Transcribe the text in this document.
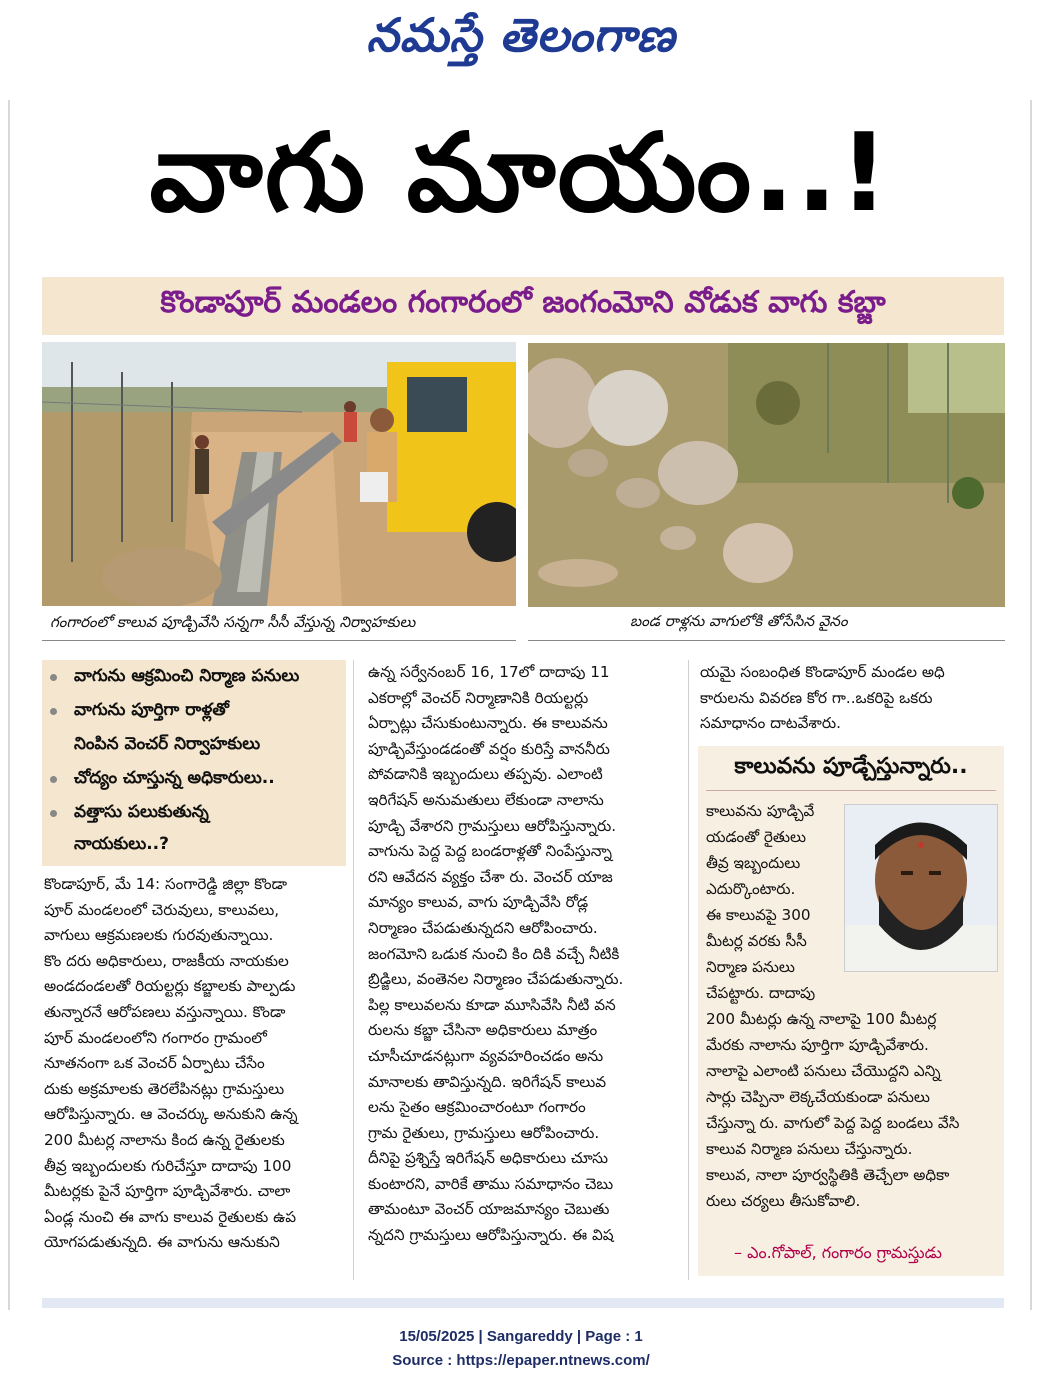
నమస్తే తెలంగాణ
వాగు మాయం..!
కొండాపూర్ మండలం గంగారంలో జంగంమోని వోడుక వాగు కబ్జా
గంగారంలో కాలువ పూడ్చివేసి సన్నగా సీసీ వేస్తున్న నిర్వాహకులు	బండ రాళ్లను వాగులోకి తోసేసిన వైనం
వాగును ఆక్రమించి నిర్మాణ పనులు
వాగును పూర్తిగా రాళ్లతో
నింపిన వెంచర్ నిర్వాహకులు
చోద్యం చూస్తున్న అధికారులు..
వత్తాసు పలుకుతున్న
నాయకులు..?

కొండాపూర్, మే 14: సంగారెడ్డి జిల్లా కొండా

పూర్ మండలంలో చెరువులు, కాలువలు,

వాగులు ఆక్రమణలకు గురవుతున్నాయి.

కొం దరు అధికారులు, రాజకీయ నాయకుల

అండదండలతో రియల్టర్లు కబ్జాలకు పాల్పడు

తున్నారనే ఆరోపణలు వస్తున్నాయి. కొండా

పూర్ మండలంలోని గంగారం గ్రామంలో

నూతనంగా ఒక వెంచర్ ఏర్పాటు చేసేం

దుకు అక్రమాలకు తెరలేపినట్లు గ్రామస్తులు

ఆరోపిస్తున్నారు. ఆ వెంచర్కు అనుకుని ఉన్న

200 మీటర్ల నాలాను కింద ఉన్న రైతులకు

తీవ్ర ఇబ్బందులకు గురిచేస్తూ దాదాపు 100

మీటర్లకు పైనే పూర్తిగా పూడ్చివేశారు. చాలా

ఏండ్ల నుంచి ఈ వాగు కాలువ రైతులకు ఉప

యోగపడుతున్నది. ఈ వాగును ఆనుకుని

ఉన్న సర్వేనంబర్ 16, 17లో దాదాపు 11

ఎకరాల్లో వెంచర్ నిర్మాణానికి రియల్టర్లు

ఏర్పాట్లు చేసుకుంటున్నారు. ఈ కాలువను

పూడ్చివేస్తుండడంతో వర్షం కురిస్తే వాననీరు

పోవడానికి ఇబ్బందులు తప్పవు. ఎలాంటి

ఇరిగేషన్ అనుమతులు లేకుండా నాలాను

పూడ్చి వేశారని గ్రామస్తులు ఆరోపిస్తున్నారు.

వాగును పెద్ద పెద్ద బండరాళ్లతో నింపేస్తున్నా

రని ఆవేదన వ్యక్తం చేశా రు. వెంచర్ యాజ

మాన్యం కాలువ, వాగు పూడ్చివేసి రోడ్ల

నిర్మాణం చేపడుతున్నదని ఆరోపించారు.

జంగమోని ఒడుక నుంచి కిం దికి వచ్చే నీటికి

బ్రిడ్జిలు, వంతెనల నిర్మాణం చేపడుతున్నారు.

పిల్ల కాలువలను కూడా మూసివేసి నీటి వన

రులను కబ్జా చేసినా అధికారులు మాత్రం

చూసీచూడనట్లుగా వ్యవహరించడం అను

మానాలకు తావిస్తున్నది. ఇరిగేషన్ కాలువ

లను సైతం ఆక్రమించారంటూ గంగారం

గ్రామ రైతులు, గ్రామస్తులు ఆరోపించారు.

దీనిపై ప్రశ్నిస్తే ఇరిగేషన్ అధికారులు చూసు

కుంటారని, వారికే తాము సమాధానం చెబు

తామంటూ వెంచర్ యాజమాన్యం చెబుతు

న్నదని గ్రామస్తులు ఆరోపిస్తున్నారు. ఈ విష

యమై సంబంధిత కొండాపూర్ మండల అధి

కారులను వివరణ కోర గా..ఒకరిపై ఒకరు

సమాధానం దాటవేశారు.

కాలువను పూడ్చేస్తున్నారు..
కాలువను పూడ్చివే
యడంతో రైతులు
తీవ్ర ఇబ్బందులు
ఎదుర్కొంటారు.
ఈ కాలువపై 300
మీటర్ల వరకు సీసీ
నిర్మాణ పనులు
చేపట్టారు. దాదాపు
200 మీటర్లు ఉన్న నాలాపై 100 మీటర్ల
మేరకు నాలాను పూర్తిగా పూడ్చివేశారు.
నాలాపై ఎలాంటి పనులు చేయొద్దని ఎన్ని
సార్లు చెప్పినా లెక్కచేయకుండా పనులు
చేస్తున్నా రు. వాగులో పెద్ద పెద్ద బండలు వేసి
కాలువ నిర్మాణ పనులు చేస్తున్నారు.
కాలువ, నాలా పూర్వస్థితికి తెచ్చేలా అధికా
రులు చర్యలు తీసుకోవాలి.
– ఎం.గోపాల్, గంగారం గ్రామస్తుడు
15/05/2025 | Sangareddy | Page : 1
Source : https://epaper.ntnews.com/
